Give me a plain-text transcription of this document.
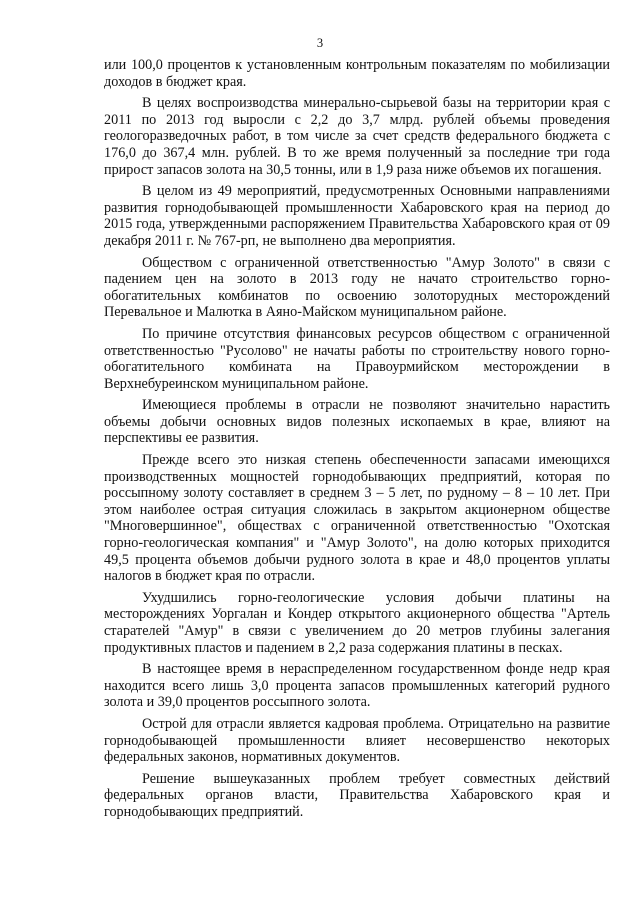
3

или 100,0 процентов к установленным контрольным показателям по мобилизации доходов в бюджет края.

В целях воспроизводства минерально-сырьевой базы на территории края с 2011 по 2013 год выросли с 2,2 до 3,7 млрд. рублей объемы проведения геологоразведочных работ, в том числе за счет средств федерального бюджета с 176,0 до 367,4 млн. рублей. В то же время полученный за последние три года прирост запасов золота на 30,5 тонны, или в 1,9 раза ниже объемов их погашения.

В целом из 49 мероприятий, предусмотренных Основными направлениями развития горнодобывающей промышленности Хабаровского края на период до 2015 года, утвержденными распоряжением Правительства Хабаровского края от 09 декабря 2011 г. № 767-рп, не выполнено два мероприятия.

Обществом с ограниченной ответственностью "Амур Золото" в связи с падением цен на золото в 2013 году не начато строительство горно-обогатительных комбинатов по освоению золоторудных месторождений Перевальное и Малютка в Аяно-Майском муниципальном районе.

По причине отсутствия финансовых ресурсов обществом с ограниченной ответственностью "Русолово" не начаты работы по строительству нового горно-обогатительного комбината на Правоурмийском месторождении в Верхнебуреинском муниципальном районе.

Имеющиеся проблемы в отрасли не позволяют значительно нарастить объемы добычи основных видов полезных ископаемых в крае, влияют на перспективы ее развития.

Прежде всего это низкая степень обеспеченности запасами имеющихся производственных мощностей горнодобывающих предприятий, которая по россыпному золоту составляет в среднем 3 – 5 лет, по рудному – 8 – 10 лет. При этом наиболее острая ситуация сложилась в закрытом акционерном обществе "Многовершинное", обществах с ограниченной ответственностью "Охотская горно-геологическая компания" и "Амур Золото", на долю которых приходится 49,5 процента объемов добычи рудного золота в крае и 48,0 процентов уплаты налогов в бюджет края по отрасли.

Ухудшились горно-геологические условия добычи платины на месторождениях Уоргалан и Кондер открытого акционерного общества "Артель старателей "Амур" в связи с увеличением до 20 метров глубины залегания продуктивных пластов и падением в 2,2 раза содержания платины в песках.

В настоящее время в нераспределенном государственном фонде недр края находится всего лишь 3,0 процента запасов промышленных категорий рудного золота и 39,0 процентов россыпного золота.

Острой для отрасли является кадровая проблема. Отрицательно на развитие горнодобывающей промышленности влияет несовершенство некоторых федеральных законов, нормативных документов.

Решение вышеуказанных проблем требует совместных действий федеральных органов власти, Правительства Хабаровского края и горнодобывающих предприятий.
